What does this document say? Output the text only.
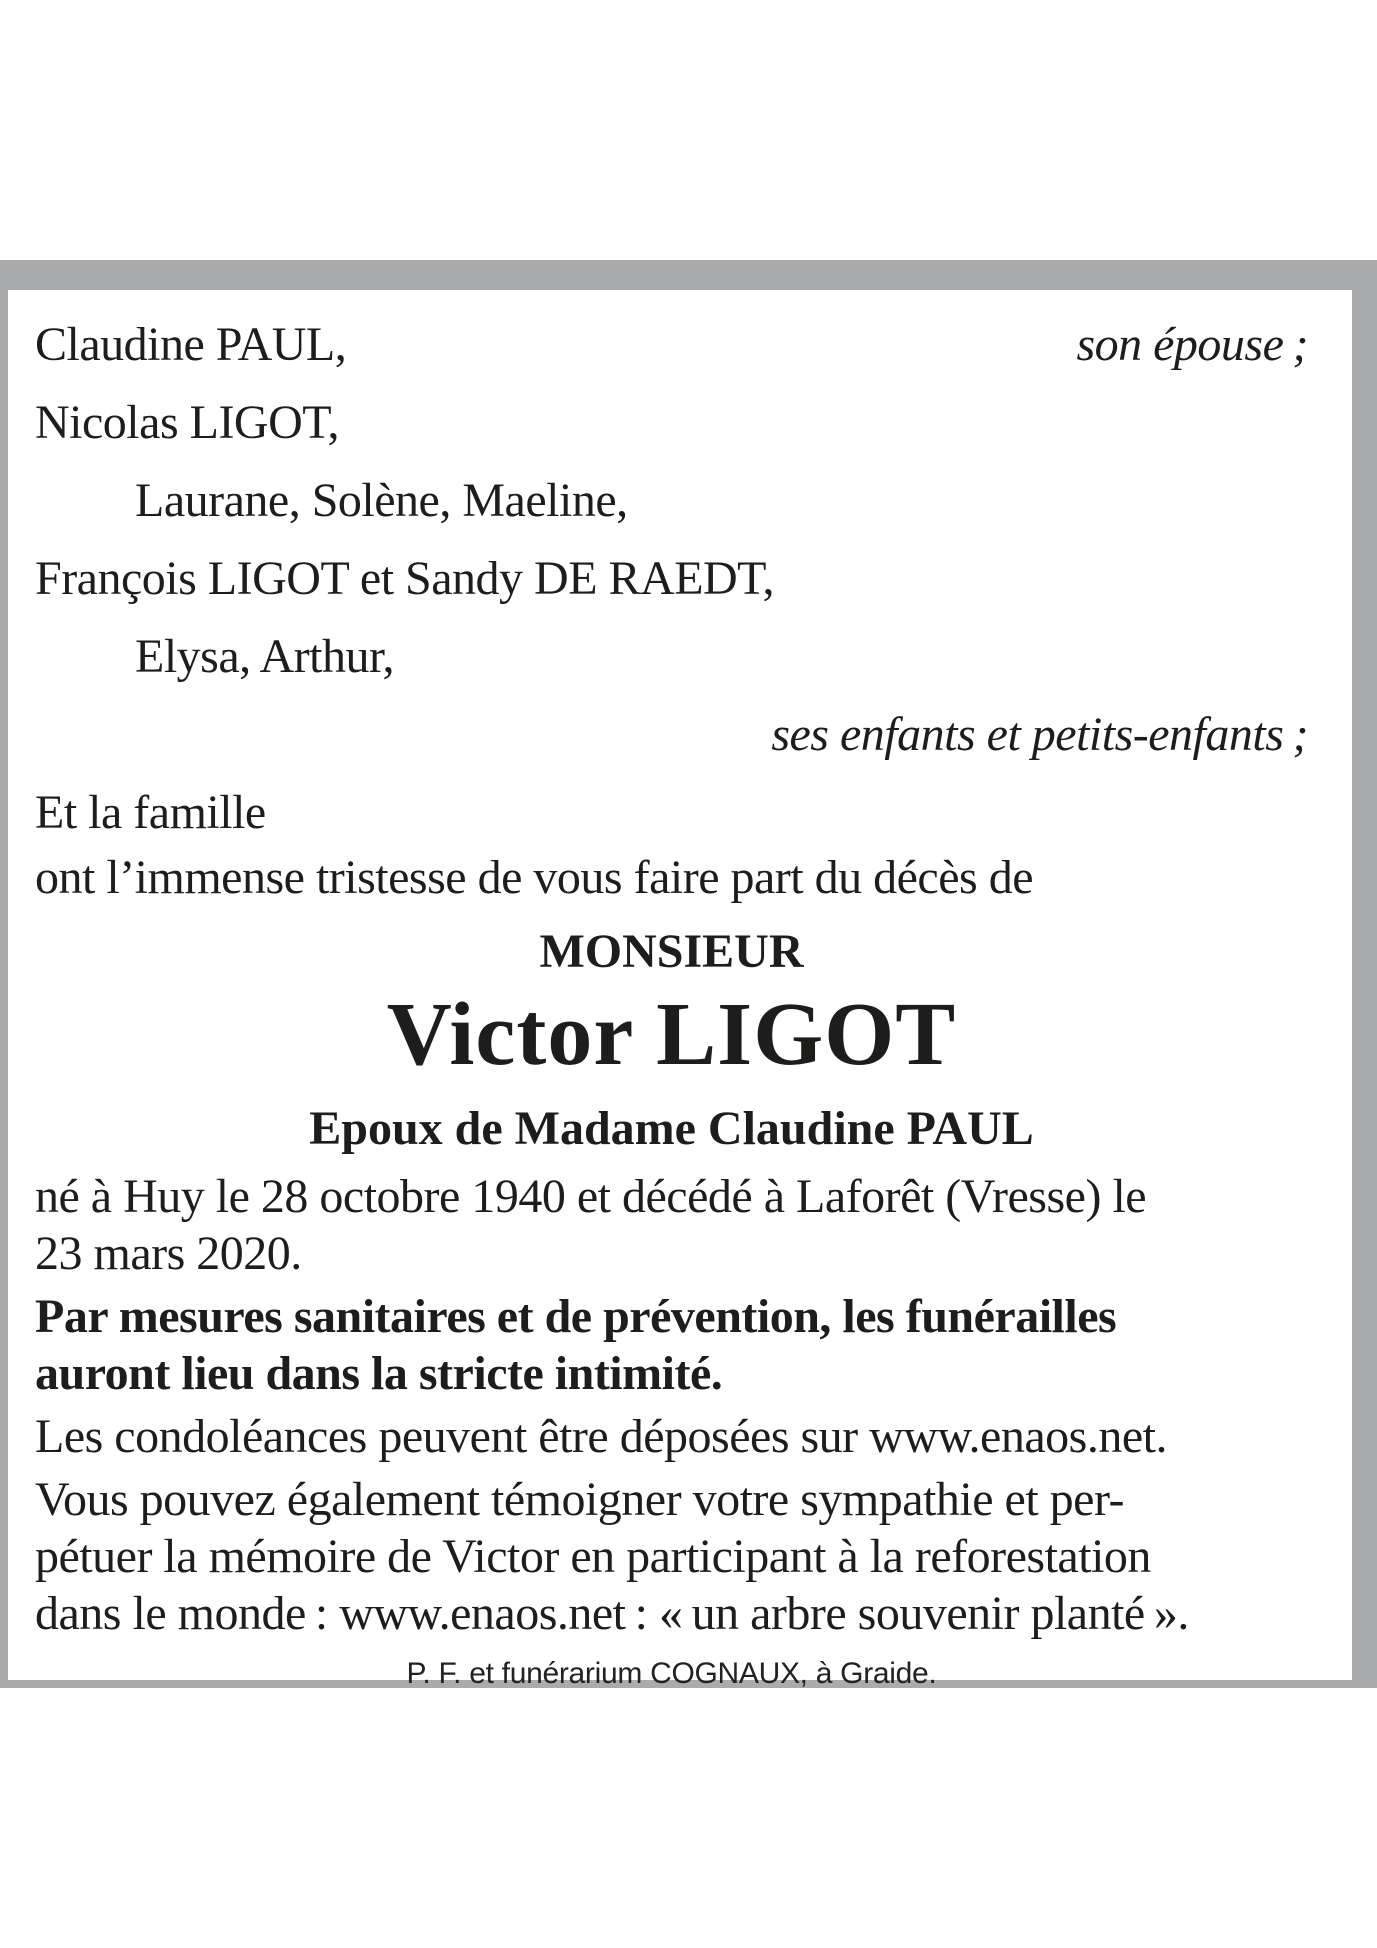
Claudine PAUL,	son épouse ;
Nicolas LIGOT,
Laurane, Solène, Maeline,
François LIGOT et Sandy DE RAEDT,
Elysa, Arthur,
ses enfants et petits-enfants ;
Et la famille
ont l’immense tristesse de vous faire part du décès de
MONSIEUR
Victor LIGOT
Epoux de Madame Claudine PAUL
né à Huy le 28 octobre 1940 et décédé à Laforêt (Vresse) le
23 mars 2020.
Par mesures sanitaires et de prévention, les funérailles
auront lieu dans la stricte intimité.
Les condoléances peuvent être déposées sur www.enaos.net.
Vous pouvez également témoigner votre sympathie et per-
pétuer la mémoire de Victor en participant à la reforestation
dans le monde : www.enaos.net : « un arbre souvenir planté ».
P. F. et funérarium COGNAUX, à Graide.
